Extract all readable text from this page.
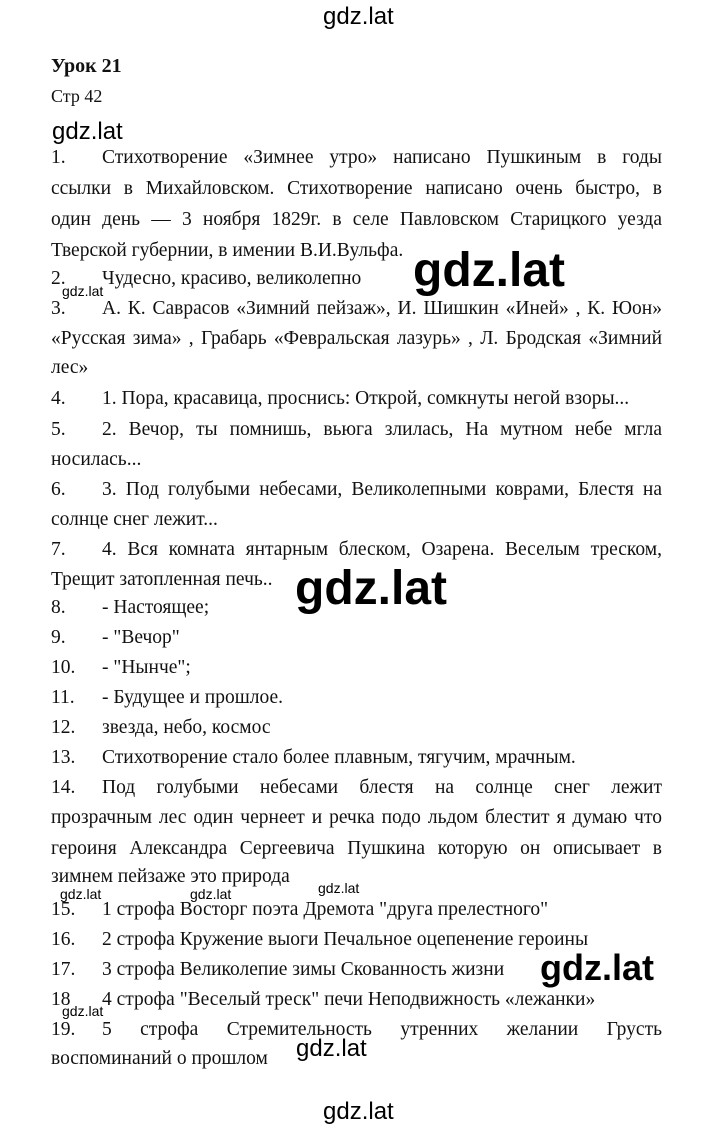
gdz.lat
Урок 21
Стр 42
gdz.lat
1. Стихотворение «Зимнее утро» написано Пушкиным в годы
ссылки в Михайловском. Стихотворение написано очень быстро, в
один день — 3 ноября 1829г. в селе Павловском Старицкого уезда
Тверской губернии, в имении В.И.Вульфа.
2. Чудесно, красиво, великолепно
gdz.lat	gdz.lat
3. А. К. Саврасов «Зимний пейзаж», И. Шишкин «Иней» , К. Юон»
«Русская зима» , Грабарь «Февральская лазурь» , Л. Бродская «Зимний
лес»
4. 1. Пора, красавица, проснись: Открой, сомкнуты негой взоры...
5. 2. Вечор, ты помнишь, вьюга злилась, На мутном небе мгла
носилась...
6. 3. Под голубыми небесами, Великолепными коврами, Блестя на
солнце снег лежит...
7. 4. Вся комната янтарным блеском, Озарена. Веселым треском,
Трещит затопленная печь.. gdz.lat
8. - Настоящее;
9. - "Вечор"
10. - "Нынче";
11. - Будущее и прошлое.
12. звезда, небо, космос
13. Стихотворение стало более плавным, тягучим, мрачным.
14. Под голубыми небесами блестя на солнце снег лежит
прозрачным лес один чернеет и речка подо льдом блестит я думаю что
героиня Александра Сергеевича Пушкина которую он описывает в
зимнем пейзаже это природа
gdz.lat	gdz.lat	gdz.lat
15. 1 строфа Восторг поэта Дремота "друга прелестного"
16. 2 строфа Кружение выоги Печальное оцепенение героины
17. 3 строфа Великолепие зимы Скованность жизни gdz.lat
18 4 строфа "Веселый треск" печи Неподвижность «лежанки»
gdz.lat
19. 5 строфа Стремительность утренних желании Грусть
воспоминаний о прошлом	gdz.lat
gdz.lat
